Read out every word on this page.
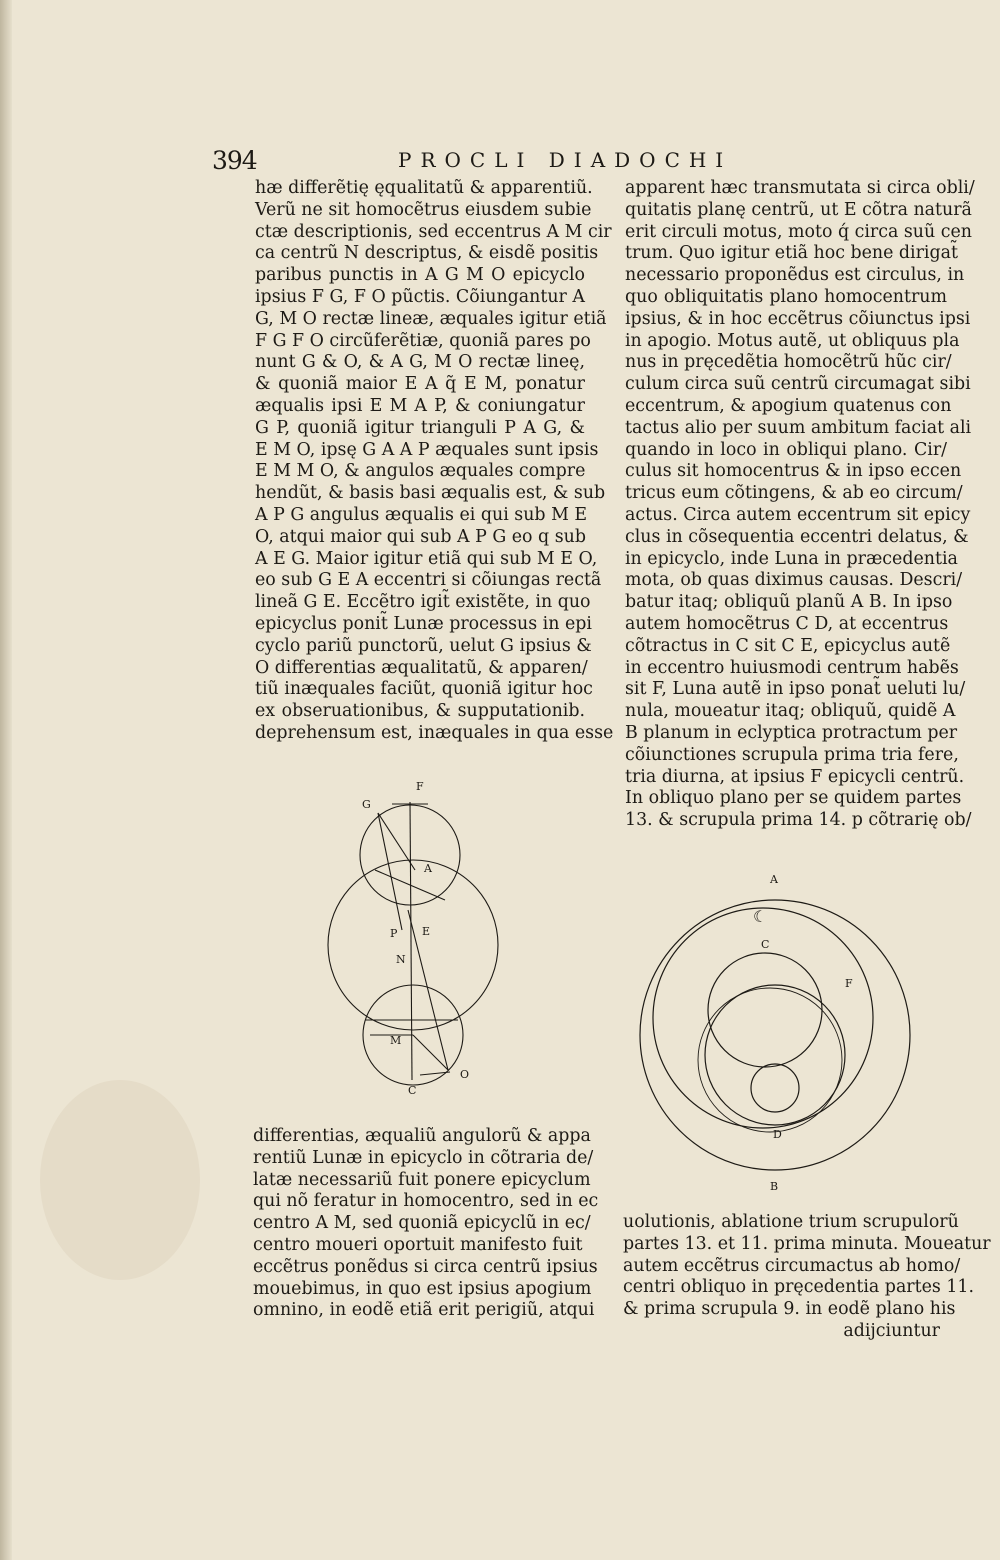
394	PROCLI DIADOCHI
hæ differẽtię ęqualitatũ & apparentiũ.
Verũ ne sit homocẽtrus eiusdem subie
ctæ descriptionis, sed eccentrus A M cir
ca centrũ N descriptus, & eisdẽ positis
paribus punctis in A G M O epicyclo
ipsius F G, F O pũctis. Cõiungantur A
G, M O rectæ lineæ, æquales igitur etiã
F G F O circũferẽtiæ, quoniã pares po
nunt G & O, & A G, M O rectæ lineę,
& quoniã maior E A q̃ E M, ponatur
æqualis ipsi E M A P, & coniungatur
G P, quoniã igitur trianguli P A G, &
E M O, ipsę G A A P æquales sunt ipsis
E M M O, & angulos æquales compre
hendũt, & basis basi æqualis est, & sub
A P G angulus æqualis ei qui sub M E
O, atqui maior qui sub A P G eo q sub
A E G. Maior igitur etiã qui sub M E O,
eo sub G E A eccentri si cõiungas rectã
lineã G E. Eccẽtro igit̃ existẽte, in quo
epicyclus ponit̃ Lunæ processus in epi
cyclo pariũ punctorũ, uelut G ipsius &
O differentias æqualitatũ, & apparen/
tiũ inæquales faciũt, quoniã igitur hoc
ex obseruationibus, & supputationib.
deprehensum est, inæquales in qua esse
apparent hæc transmutata si circa obli/
quitatis planę centrũ, ut E cõtra naturã
erit circuli motus, moto q́ circa suũ cen
trum. Quo igitur etiã hoc bene dirigat̃
necessario proponẽdus est circulus, in
quo obliquitatis plano homocentrum
ipsius, & in hoc eccẽtrus cõiunctus ipsi
in apogio. Motus autẽ, ut obliquus pla
nus in pręcedẽtia homocẽtrũ hũc cir/
culum circa suũ centrũ circumagat sibi
eccentrum, & apogium quatenus con
tactus alio per suum ambitum faciat ali
quando in loco in obliqui plano. Cir/
culus sit homocentrus & in ipso eccen
tricus eum cõtingens, & ab eo circum/
actus. Circa autem eccentrum sit epicy
clus in cõsequentia eccentri delatus, &
in epicyclo, inde Luna in præcedentia
mota, ob quas diximus causas. Descri/
batur itaq; obliquũ planũ A B. In ipso
autem homocẽtrus C D, at eccentrus
cõtractus in C sit C E, epicyclus autẽ
in eccentro huiusmodi centrum habẽs
sit F, Luna autẽ in ipso ponat̃ ueluti lu/
nula, moueatur itaq; obliquũ, quidẽ A
B planum in eclyptica protractum per
cõiunctiones scrupula prima tria fere,
tria diurna, at ipsius F epicycli centrũ.
In obliquo plano per se quidem partes
13. & scrupula prima 14. p cõtrarię ob/
differentias, æqualiũ angulorũ & appa
rentiũ Lunæ in epicyclo in cõtraria de/
latæ necessariũ fuit ponere epicyclum
qui nõ feratur in homocentro, sed in ec
centro A M, sed quoniã epicyclũ in ec/
centro moueri oportuit manifesto fuit
eccẽtrus ponẽdus si circa centrũ ipsius
mouebimus, in quo est ipsius apogium
omnino, in eodẽ etiã erit perigiũ, atqui
uolutionis, ablatione trium scrupulorũ
partes 13. et 11. prima minuta. Moueatur
autem eccẽtrus circumactus ab homo/
centri obliquo in pręcedentia partes 11.
& prima scrupula 9. in eodẽ plano his
adijciuntur
F
G
A
P E
N
M
O
C
A
☾
C
F
D
B
